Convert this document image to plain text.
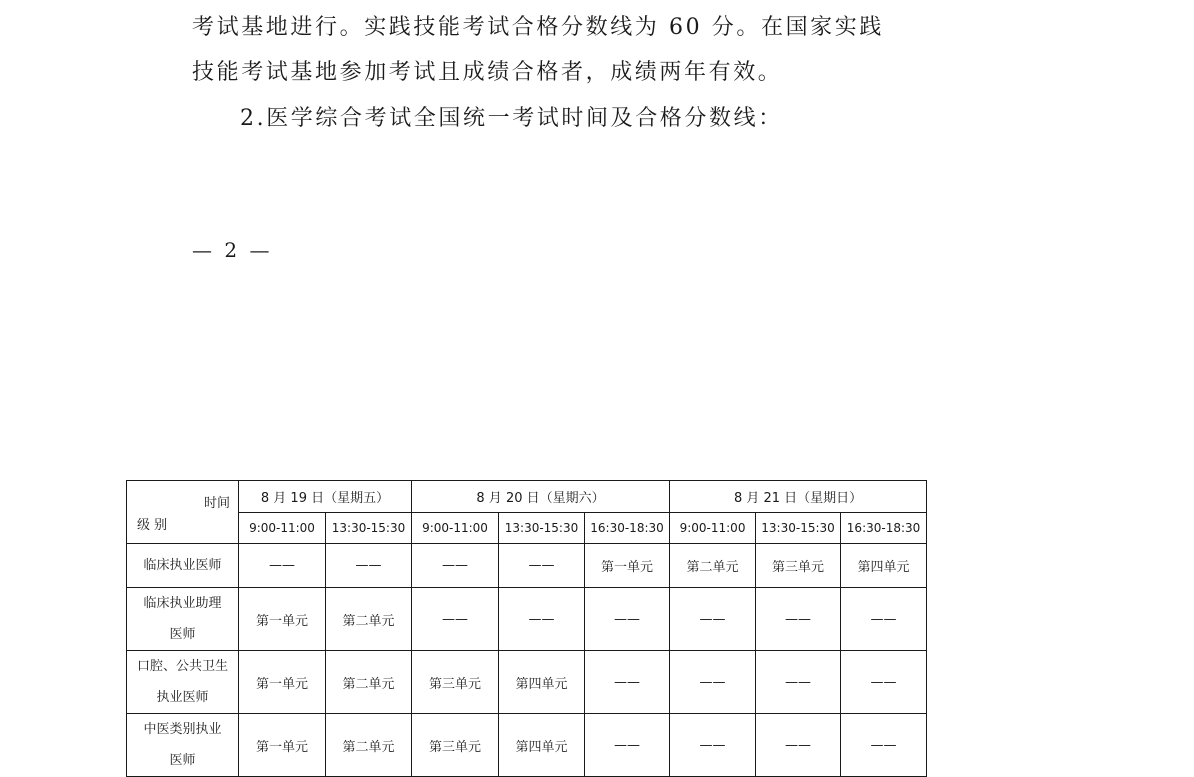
考试基地进行。实践技能考试合格分数线为 60 分。在国家实践
技能考试基地参加考试且成绩合格者，成绩两年有效。
2.医学综合考试全国统一考试时间及合格分数线：
— 2 —
时间
级 别	8 月 19 日（星期五）		8 月 20 日（星期六）			8 月 21 日（星期日）		
	9:00-11:00	13:30-15:30	9:00-11:00	13:30-15:30	16:30-18:30	9:00-11:00	13:30-15:30	16:30-18:30

临床执业医师	——	——	——	——	第一单元	第二单元	第三单元	第四单元

临床执业助理
医师	第一单元	第二单元	——	——	——	——	——	——

口腔、公共卫生
执业医师	第一单元	第二单元	第三单元	第四单元	——	——	——	——

中医类别执业
医师	第一单元	第二单元	第三单元	第四单元	——	——	——	——
